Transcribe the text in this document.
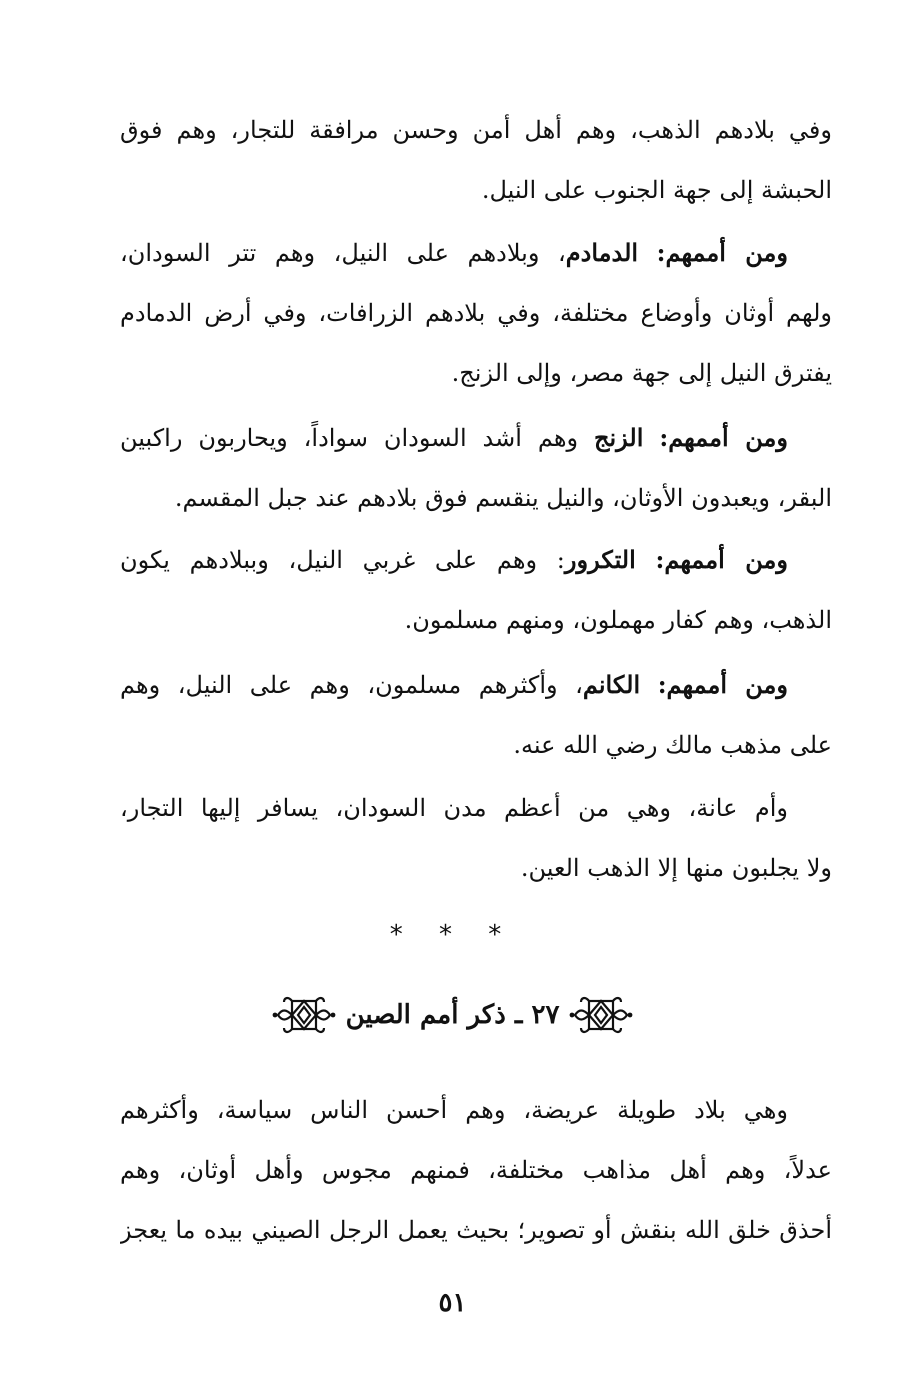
وفي بلادهم الذهب، وهم أهل أمن وحسن مرافقة للتجار، وهم فوق
الحبشة إلى جهة الجنوب على النيل.
ومن أممهم: الدمادم، وبلادهم على النيل، وهم تتر السودان،
ولهم أوثان وأوضاع مختلفة، وفي بلادهم الزرافات، وفي أرض الدمادم
يفترق النيل إلى جهة مصر، وإلى الزنج.
ومن أممهم: الزنج وهم أشد السودان سواداً، ويحاربون راكبين
البقر، ويعبدون الأوثان، والنيل ينقسم فوق بلادهم عند جبل المقسم.
ومن أممهم: التكرور: وهم على غربي النيل، وببلادهم يكون
الذهب، وهم كفار مهملون، ومنهم مسلمون.
ومن أممهم: الكانم، وأكثرهم مسلمون، وهم على النيل، وهم
على مذهب مالك رضي الله عنه.
وأم عانة، وهي من أعظم مدن السودان، يسافر إليها التجار،
ولا يجلبون منها إلا الذهب العين.
* * *
٢٧ ـ ذكر أمم الصين
وهي بلاد طويلة عريضة، وهم أحسن الناس سياسة، وأكثرهم
عدلاً، وهم أهل مذاهب مختلفة، فمنهم مجوس وأهل أوثان، وهم
أحذق خلق الله بنقش أو تصوير؛ بحيث يعمل الرجل الصيني بيده ما يعجز
٥١
